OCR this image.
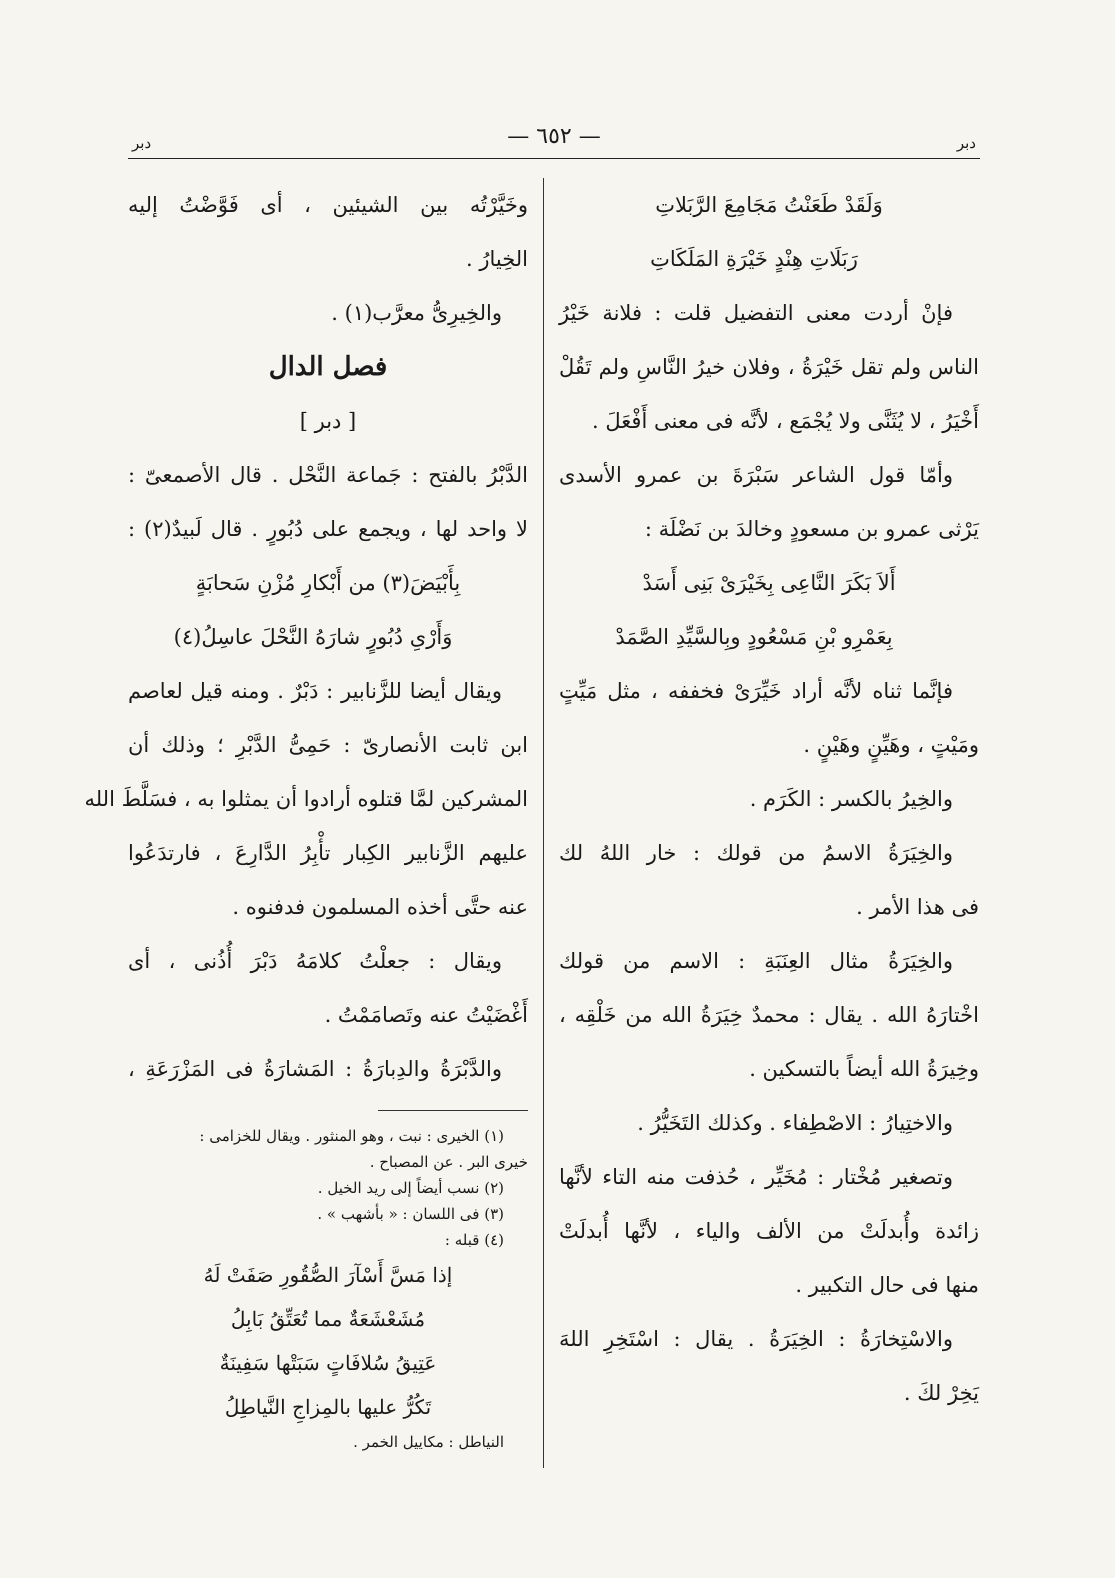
دبر
— ٦٥٢ —
دبر
وَلَقَدْ طَعَنْتُ مَجَامِعَ الرَّبَلاتِ
رَبَلَاتِ هِنْدٍ خَيْرَةِ المَلَكَاتِ
فإنْ أردت معنى التفضيل قلت : فلانة خَيْرُ
الناس ولم تقل خَيْرَةُ ، وفلان خيرُ النَّاسِ ولم تَقُلْ
أَخْيَرُ ، لا يُثَنَّى ولا يُجْمَع ، لأنَّه فى معنى أَفْعَلَ .
وأمّا قول الشاعر سَبْرَةَ بن عمرو الأسدى
يَرْثى عمرو بن مسعودٍ وخالدَ بن نَضْلَة :
أَلاَ بَكَرَ النَّاعِى بِخَيْرَىْ بَنِى أَسَدْ
بِعَمْرِو بْنِ مَسْعُودٍ وبِالسَّيِّدِ الصَّمَدْ
فإنَّما ثناه لأنَّه أراد خَيِّرَىْ فخففه ، مثل مَيِّتٍ
ومَيْتٍ ، وهَيِّنٍ وهَيْنٍ .
والخِيرُ بالكسر : الكَرَم .
والخِيَرَةُ الاسمُ من قولك : خار اللهُ لك
فى هذا الأمر .
والخِيَرَةُ مثال العِنَبَةِ : الاسم من قولك
اخْتارَهُ الله . يقال : محمدٌ خِيَرَةُ الله من خَلْقِه ،
وخِيرَةُ الله أيضاً بالتسكين .
والاختِيارُ : الاصْطِفاء . وكذلك التَخَيُّرُ .
وتصغير مُخْتار : مُخَيِّر ، حُذفت منه التاء لأنَّها
زائدة وأُبدلَتْ من الألف والياء ، لأنَّها أُبدلَتْ
منها فى حال التكبير .
والاسْتِخارَةُ : الخِيَرَةُ . يقال : اسْتَخِرِ اللهَ
يَخِرْ لكَ .
وخَيَّرْتُه بين الشيئين ، أى فَوَّضْتُ إليه
الخِيارُ .
والخِيرِىُّ معرَّب(١) .
فصل الدال
[ دبر ]
الدَّبْرُ بالفتح : جَماعة النَّحْل . قال الأصمعىّ :
لا واحد لها ، ويجمع على دُبُورٍ . قال لَبيدٌ(٢) :
بِأَبْيَضَ(٣) من أَبْكارِ مُزْنِ سَحابَةٍ
وَأَرْىِ دُبُورٍ شارَهُ النَّحْلَ عاسِلُ(٤)
ويقال أيضا للزَّنابير : دَبْرٌ . ومنه قيل لعاصم
ابن ثابت الأنصارىّ : حَمِىُّ الدَّبْرِ ؛ وذلك أن
المشركين لمَّا قتلوه أرادوا أن يمثلوا به ، فسَلَّطَ الله
عليهم الزَّنابير الكِبار تأْبِرُ الدَّارِعَ ، فارتدَعُوا
عنه حتَّى أخذه المسلمون فدفنوه .
ويقال : جعلْتُ كلامَهُ دَبْرَ أُذُنى ، أى
أَغْضَيْتُ عنه وتَصامَمْتُ .
والدَّبْرَةُ والدِبارَةُ : المَشارَةُ فى المَزْرَعَةِ ،
(١) الخيرى : نبت ، وهو المنثور . ويقال للخزامى :
خيرى البر . عن المصباح .
(٢) نسب أيضاً إلى ريد الخيل .
(٣) فى اللسان : « بأشهب » .
(٤) قبله :
إذا مَسَّ أَسْآرَ الصُّقُورِ صَفَتْ لَهُ
مُشَعْشَعَةٌ مما تُعَتِّقُ بَابِلُ
عَتِيقُ سُلافَاتٍ سَبَتْها سَفِينَةٌ
تَكُرُّ عليها بالمِزاجِ النَّياطِلُ
النياطل : مكاييل الخمر .
